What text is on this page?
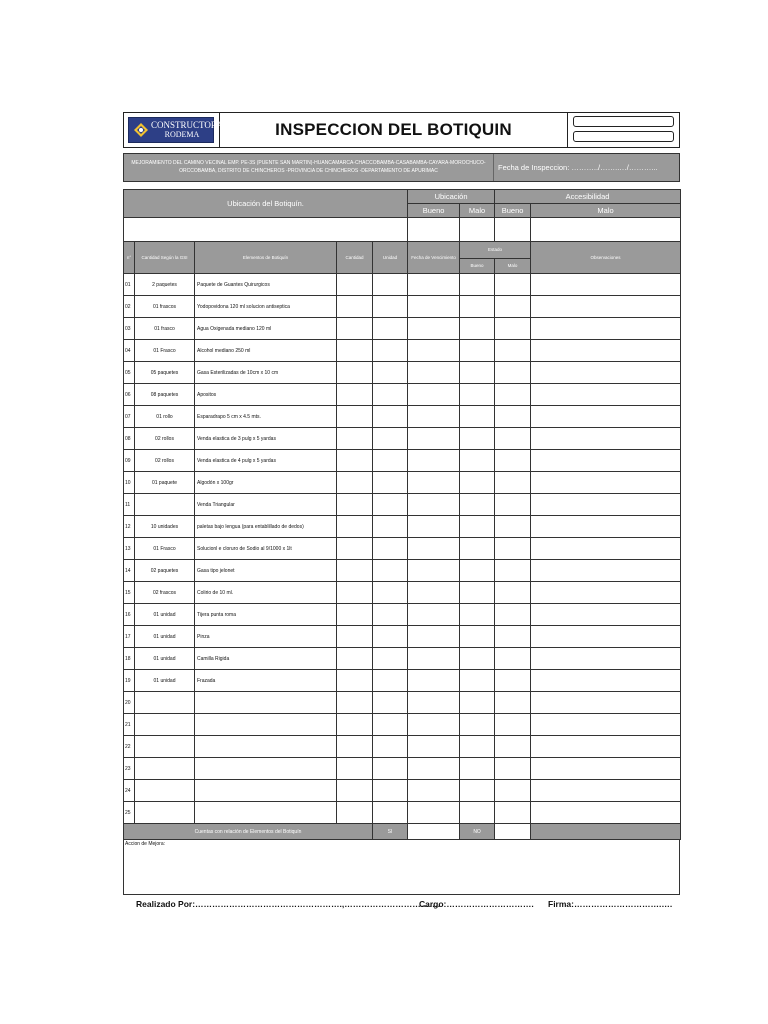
CONSTRUCTORA
RODEMA	INSPECCION DEL BOTIQUIN
MEJORAMIENTO DEL CAMINO VECINAL EMP. PE-3S (PUENTE SAN MARTIN)-HUANCAMARCA-CHACCOBAMBA-CASABAMBA-CAYARA-MOROCHUCO-
ORCCOBAMBA, DISTRITO DE CHINCHEROS -PROVINCIA DE CHINCHEROS -DEPARTAMENTO DE APURIMAC	Fecha de Inspeccion: ………../……..…/………...
Ubicación del Botiquín.					Ubicación		Accesibilidad	
					Bueno	Malo	Bueno	Malo	

n°	Cantidad Según la GSI	Elementos de Botiquín	Cantidad	Unidad	Fecha de Vencimiento	Estado		Observaciones	
						Bueno	Malo		
01	2 paquetes	Paquete de Guantes Quirurgicos							
02	01 frascos	Yodopovidona 120 ml solucion antiseptica							
03	01 frasco	Agua Oxigenada mediano 120 ml							
04	01 Frasco	Alcohol mediano 250 ml							
05	05 paquetes	Gasa Esterilizadas de 10cm x 10 cm							
06	08 paquetes	Apositos							
07	01 rollo	Esparadrapo 5 cm x 4.5 mts.							
08	02 rollos	Venda elastica de 3 pulg x 5 yardas							
09	02 rollos	Venda elastica de 4 pulg x 5 yardas							
10	01 paquete	Algodón x 100gr							
11		Venda Triangular							
12	10 unidades	paletas bajo lengua (para entablillado de dedos)							
13	01 Frasco	Solucionl e cloruro de Sodio al 9/1000 x 1lt							
14	02 paquetes	Gasa tipo jelonet							
15	02 frascos	Colirio de 10 ml.							
16	01 unidad	Tijera punta roma							
17	01 unidad	Pinza							
18	01 unidad	Camilla Rigida							
19	01 unidad	Frazada							
20									
21									
22									
23									
24									
25									
Cuentas con relación de Elementos del Botiquín				SI		NO			
Accion de Mejora:
Realizado Por:…………………………………………….,…………………………….
Cargo:…………………………. Firma:………………………….….
